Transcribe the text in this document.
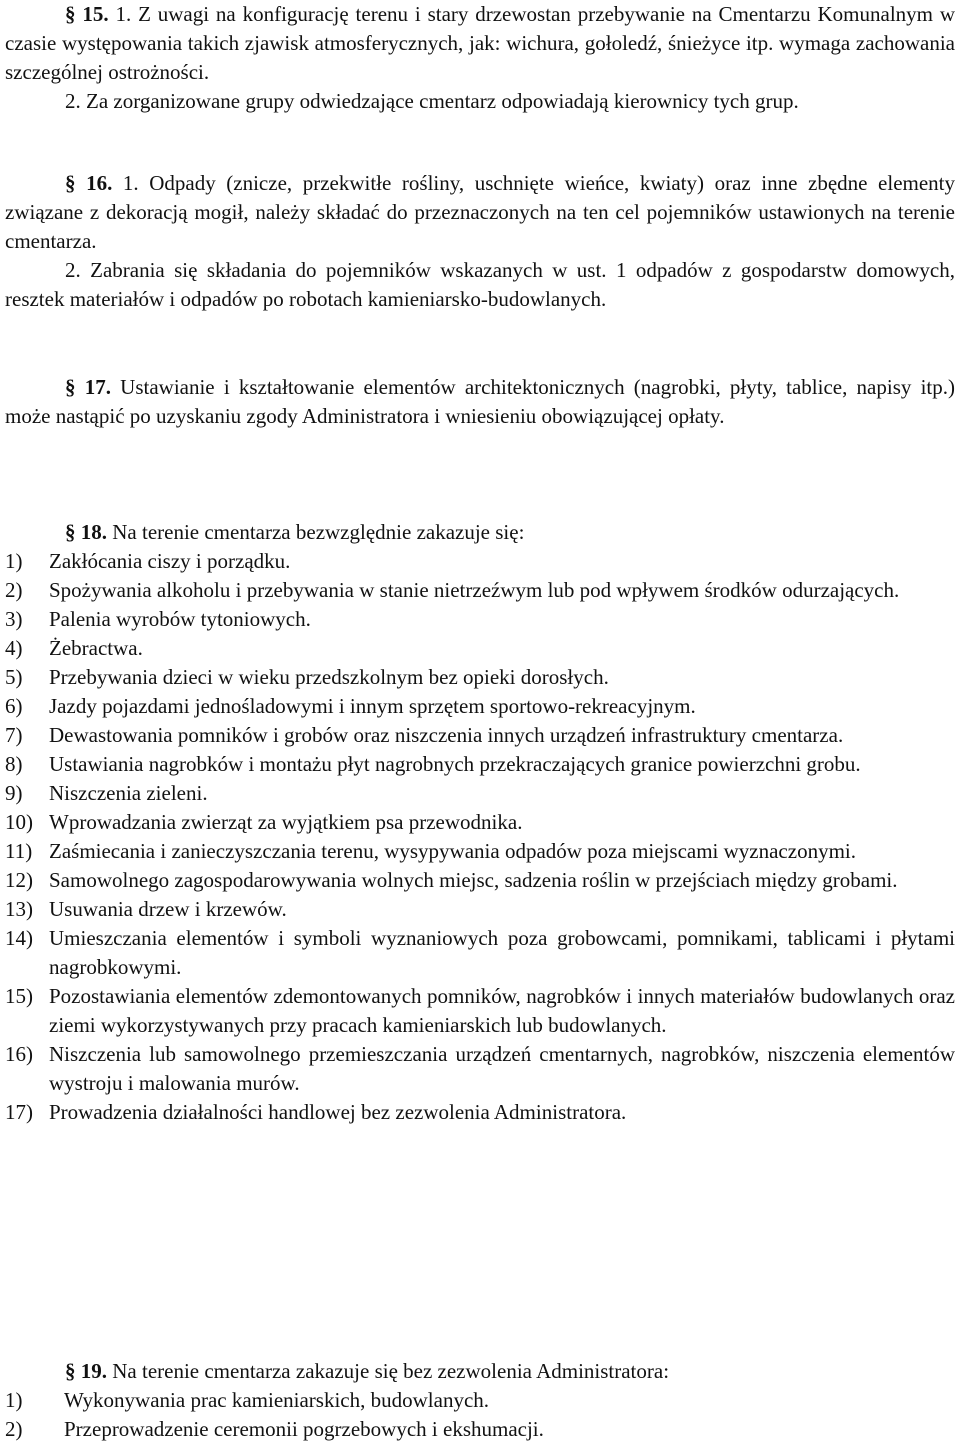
§ 15. 1. Z uwagi na konfigurację terenu i stary drzewostan przebywanie na Cmentarzu Komunalnym w czasie występowania takich zjawisk atmosferycznych, jak: wichura, gołoledź, śnieżyce itp. wymaga zachowania szczególnej ostrożności.

2. Za zorganizowane grupy odwiedzające cmentarz odpowiadają kierownicy tych grup.

§ 16. 1. Odpady (znicze, przekwitłe rośliny, uschnięte wieńce, kwiaty) oraz inne zbędne elementy związane z dekoracją mogił, należy składać do przeznaczonych na ten cel pojemników ustawionych na terenie cmentarza.

2. Zabrania się składania do pojemników wskazanych w ust. 1 odpadów z gospodarstw domowych, resztek materiałów i odpadów po robotach kamieniarsko-budowlanych.

§ 17. Ustawianie i kształtowanie elementów architektonicznych (nagrobki, płyty, tablice, napisy itp.) może nastąpić po uzyskaniu zgody Administratora i wniesieniu obowiązującej opłaty.

§ 18. Na terenie cmentarza bezwzględnie zakazuje się:

1)	Zakłócania ciszy i porządku.
2)	Spożywania alkoholu i przebywania w stanie nietrzeźwym lub pod wpływem środków odurzających.
3)	Palenia wyrobów tytoniowych.
4)	Żebractwa.
5)	Przebywania dzieci w wieku przedszkolnym bez opieki dorosłych.
6)	Jazdy pojazdami jednośladowymi i innym sprzętem sportowo-rekreacyjnym.
7)	Dewastowania pomników i grobów oraz niszczenia innych urządzeń infrastruktury cmentarza.
8)	Ustawiania nagrobków i montażu płyt nagrobnych przekraczających granice powierzchni grobu.
9)	Niszczenia zieleni.
10) Wprowadzania zwierząt za wyjątkiem psa przewodnika.
11) Zaśmiecania i zanieczyszczania terenu, wysypywania odpadów poza miejscami wyznaczonymi.
12) Samowolnego zagospodarowywania wolnych miejsc, sadzenia roślin w przejściach między grobami.
13) Usuwania drzew i krzewów.
14) Umieszczania elementów i symboli wyznaniowych poza grobowcami, pomnikami, tablicami i płytami nagrobkowymi.
15) Pozostawiania elementów zdemontowanych pomników, nagrobków i innych materiałów budowlanych oraz ziemi wykorzystywanych przy pracach kamieniarskich lub budowlanych.
16) Niszczenia lub samowolnego przemieszczania urządzeń cmentarnych, nagrobków, niszczenia elementów wystroju i malowania murów.
17) Prowadzenia działalności handlowej bez zezwolenia Administratora.

§ 19. Na terenie cmentarza zakazuje się bez zezwolenia Administratora:

1)	Wykonywania prac kamieniarskich, budowlanych.
2)	Przeprowadzenie ceremonii pogrzebowych i ekshumacji.
